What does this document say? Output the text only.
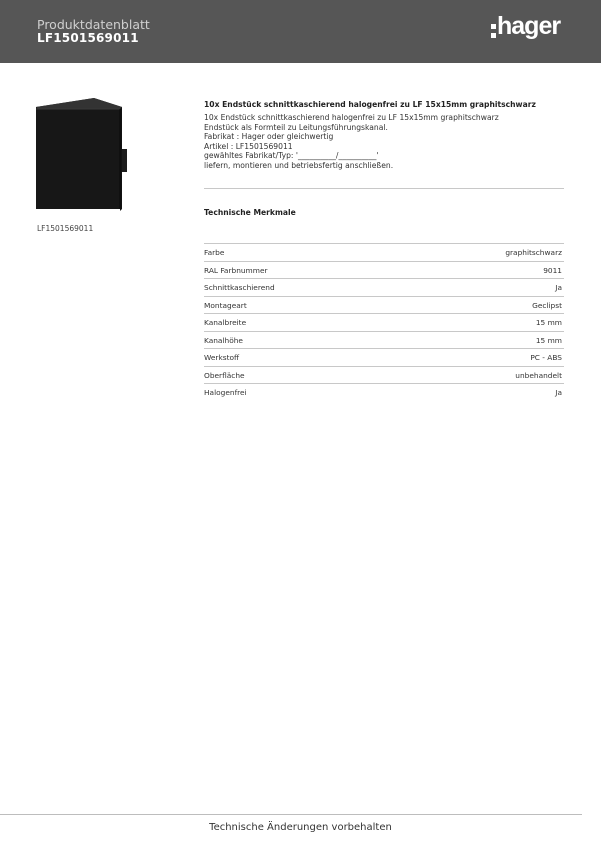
Produktdatenblatt
LF1501569011	hager
LF1501569011
10x Endstück schnittkaschierend halogenfrei zu LF 15x15mm graphitschwarz
10x Endstück schnittkaschierend halogenfrei zu LF 15x15mm graphitschwarz
Endstück als Formteil zu Leitungsführungskanal.
Fabrikat : Hager oder gleichwertig
Artikel : LF1501569011
gewähltes Fabrikat/Typ: '__________/__________'
liefern, montieren und betriebsfertig anschließen.
Technische Merkmale
Farbe	graphitschwarz
RAL Farbnummer	9011
Schnittkaschierend	Ja
Montageart	Geclipst
Kanalbreite	15 mm
Kanalhöhe	15 mm
Werkstoff	PC - ABS
Oberfläche	unbehandelt
Halogenfrei	Ja
Technische Änderungen vorbehalten
